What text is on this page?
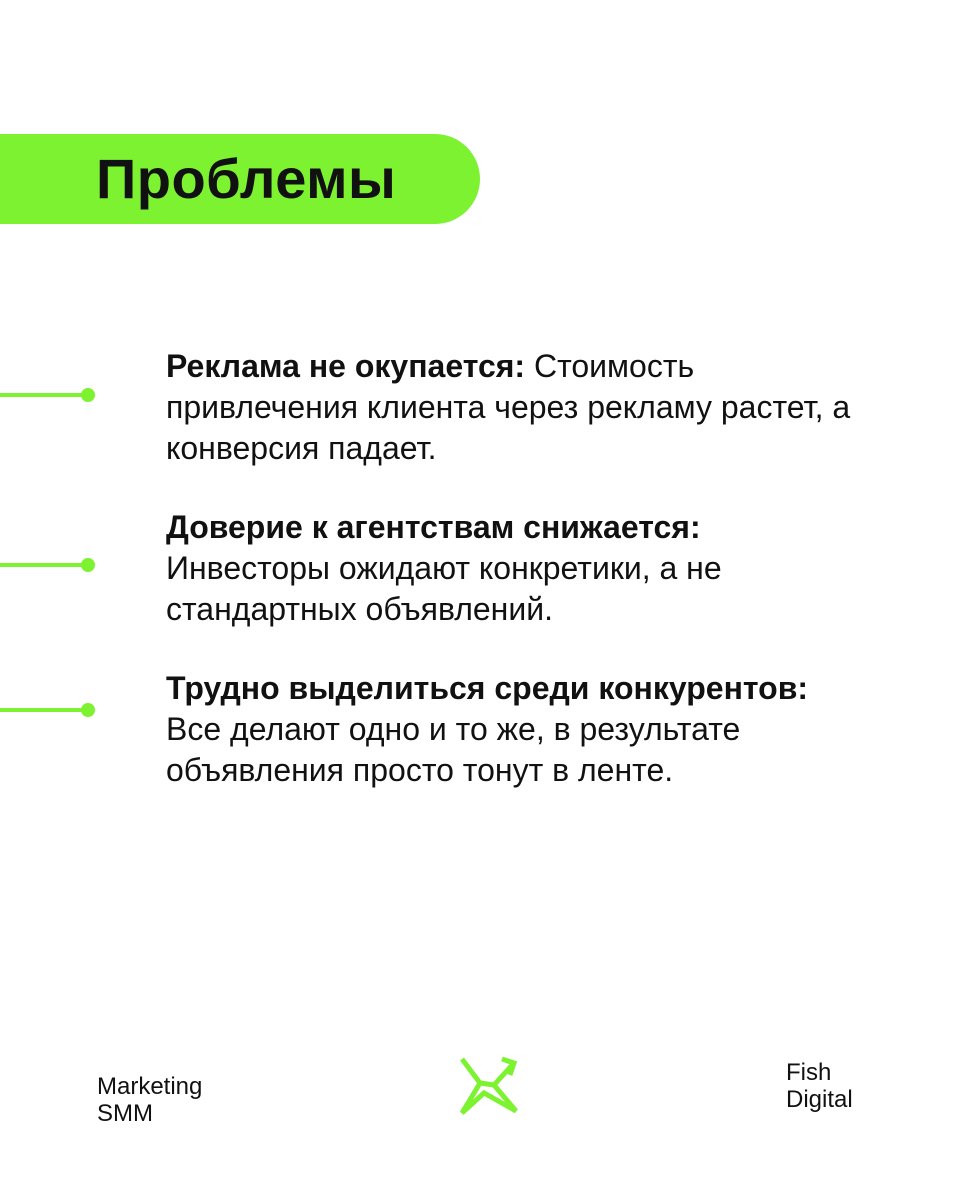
Проблемы
Реклама не окупается: Стоимость привлечения клиента через рекламу растет, а конверсия падает.
Доверие к агентствам снижается:
Инвесторы ожидают конкретики, а не стандартных объявлений.
Трудно выделиться среди конкурентов:
Все делают одно и то же, в результате объявления просто тонут в ленте.
Marketing
SMM
Fish
Digital
